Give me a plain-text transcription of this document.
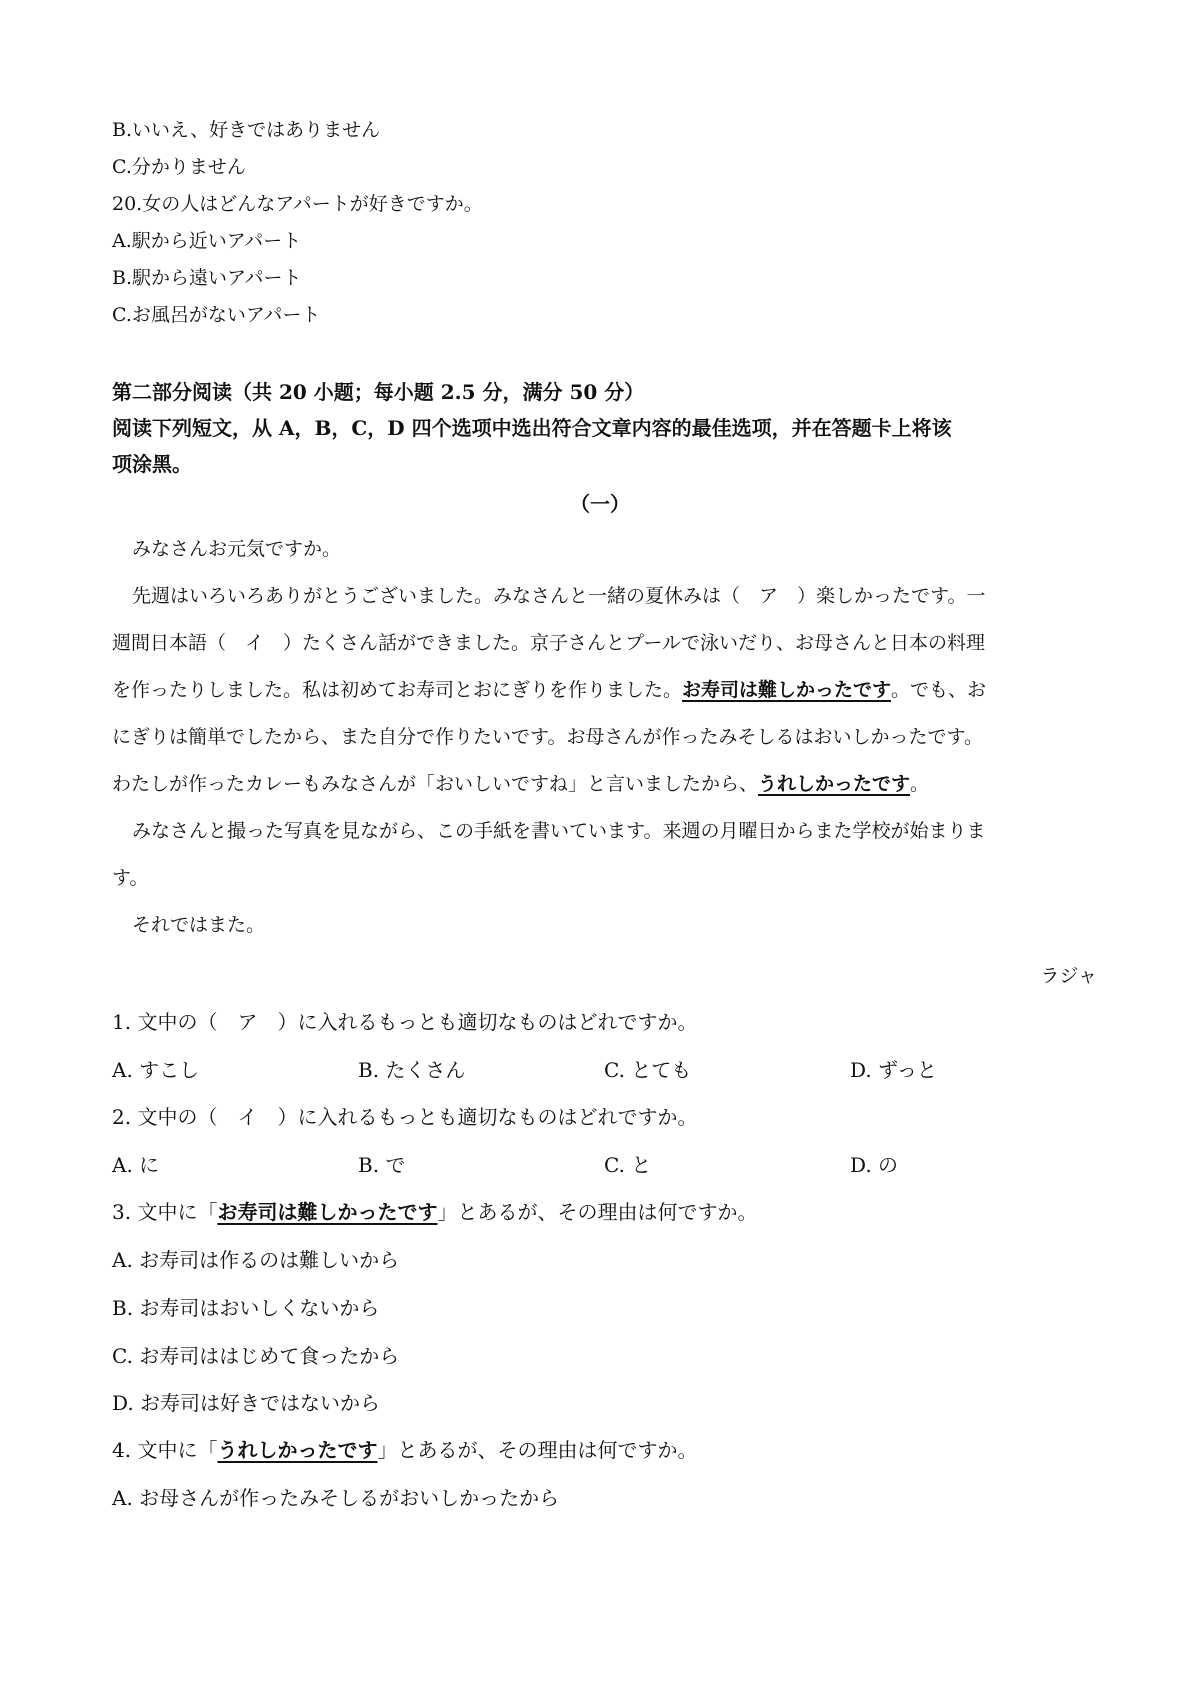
B.いいえ、好きではありません
C.分かりません
20.女の人はどんなアパートが好きですか。
A.駅から近いアパート
B.駅から遠いアパート
C.お風呂がないアパート
第二部分阅读（共 20 小题；每小题 2.5 分，满分 50 分）
阅读下列短文，从 A，B，C，D 四个选项中选出符合文章内容的最佳选项，并在答题卡上将该
项涂黑。
（一）
みなさんお元気ですか。
先週はいろいろありがとうございました。みなさんと一緒の夏休みは（　ア　）楽しかったです。一
週間日本語（　イ　）たくさん話ができました。京子さんとプールで泳いだり、お母さんと日本の料理
を作ったりしました。私は初めてお寿司とおにぎりを作りました。お寿司は難しかったです。でも、お
にぎりは簡単でしたから、また自分で作りたいです。お母さんが作ったみそしるはおいしかったです。
わたしが作ったカレーもみなさんが「おいしいですね」と言いましたから、うれしかったです。
みなさんと撮った写真を見ながら、この手紙を書いています。来週の月曜日からまた学校が始まりま
す。
それではまた。
ラジャ
1. 文中の（　ア　）に入れるもっとも適切なものはどれですか。
A. すこし	B. たくさん	C. とても	D. ずっと
2. 文中の（　イ　）に入れるもっとも適切なものはどれですか。
A. に	B. で	C. と	D. の
3. 文中に「お寿司は難しかったです」とあるが、その理由は何ですか。
A. お寿司は作るのは難しいから
B. お寿司はおいしくないから
C. お寿司ははじめて食ったから
D. お寿司は好きではないから
4. 文中に「うれしかったです」とあるが、その理由は何ですか。
A. お母さんが作ったみそしるがおいしかったから
